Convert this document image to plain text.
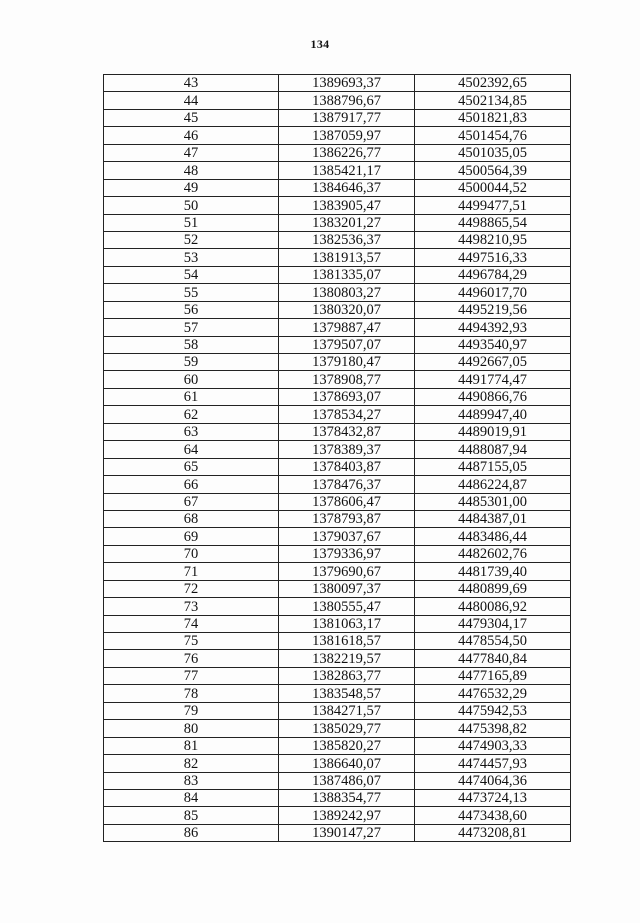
134
43	1389693,37	4502392,65
44	1388796,67	4502134,85
45	1387917,77	4501821,83
46	1387059,97	4501454,76
47	1386226,77	4501035,05
48	1385421,17	4500564,39
49	1384646,37	4500044,52
50	1383905,47	4499477,51
51	1383201,27	4498865,54
52	1382536,37	4498210,95
53	1381913,57	4497516,33
54	1381335,07	4496784,29
55	1380803,27	4496017,70
56	1380320,07	4495219,56
57	1379887,47	4494392,93
58	1379507,07	4493540,97
59	1379180,47	4492667,05
60	1378908,77	4491774,47
61	1378693,07	4490866,76
62	1378534,27	4489947,40
63	1378432,87	4489019,91
64	1378389,37	4488087,94
65	1378403,87	4487155,05
66	1378476,37	4486224,87
67	1378606,47	4485301,00
68	1378793,87	4484387,01
69	1379037,67	4483486,44
70	1379336,97	4482602,76
71	1379690,67	4481739,40
72	1380097,37	4480899,69
73	1380555,47	4480086,92
74	1381063,17	4479304,17
75	1381618,57	4478554,50
76	1382219,57	4477840,84
77	1382863,77	4477165,89
78	1383548,57	4476532,29
79	1384271,57	4475942,53
80	1385029,77	4475398,82
81	1385820,27	4474903,33
82	1386640,07	4474457,93
83	1387486,07	4474064,36
84	1388354,77	4473724,13
85	1389242,97	4473438,60
86	1390147,27	4473208,81
